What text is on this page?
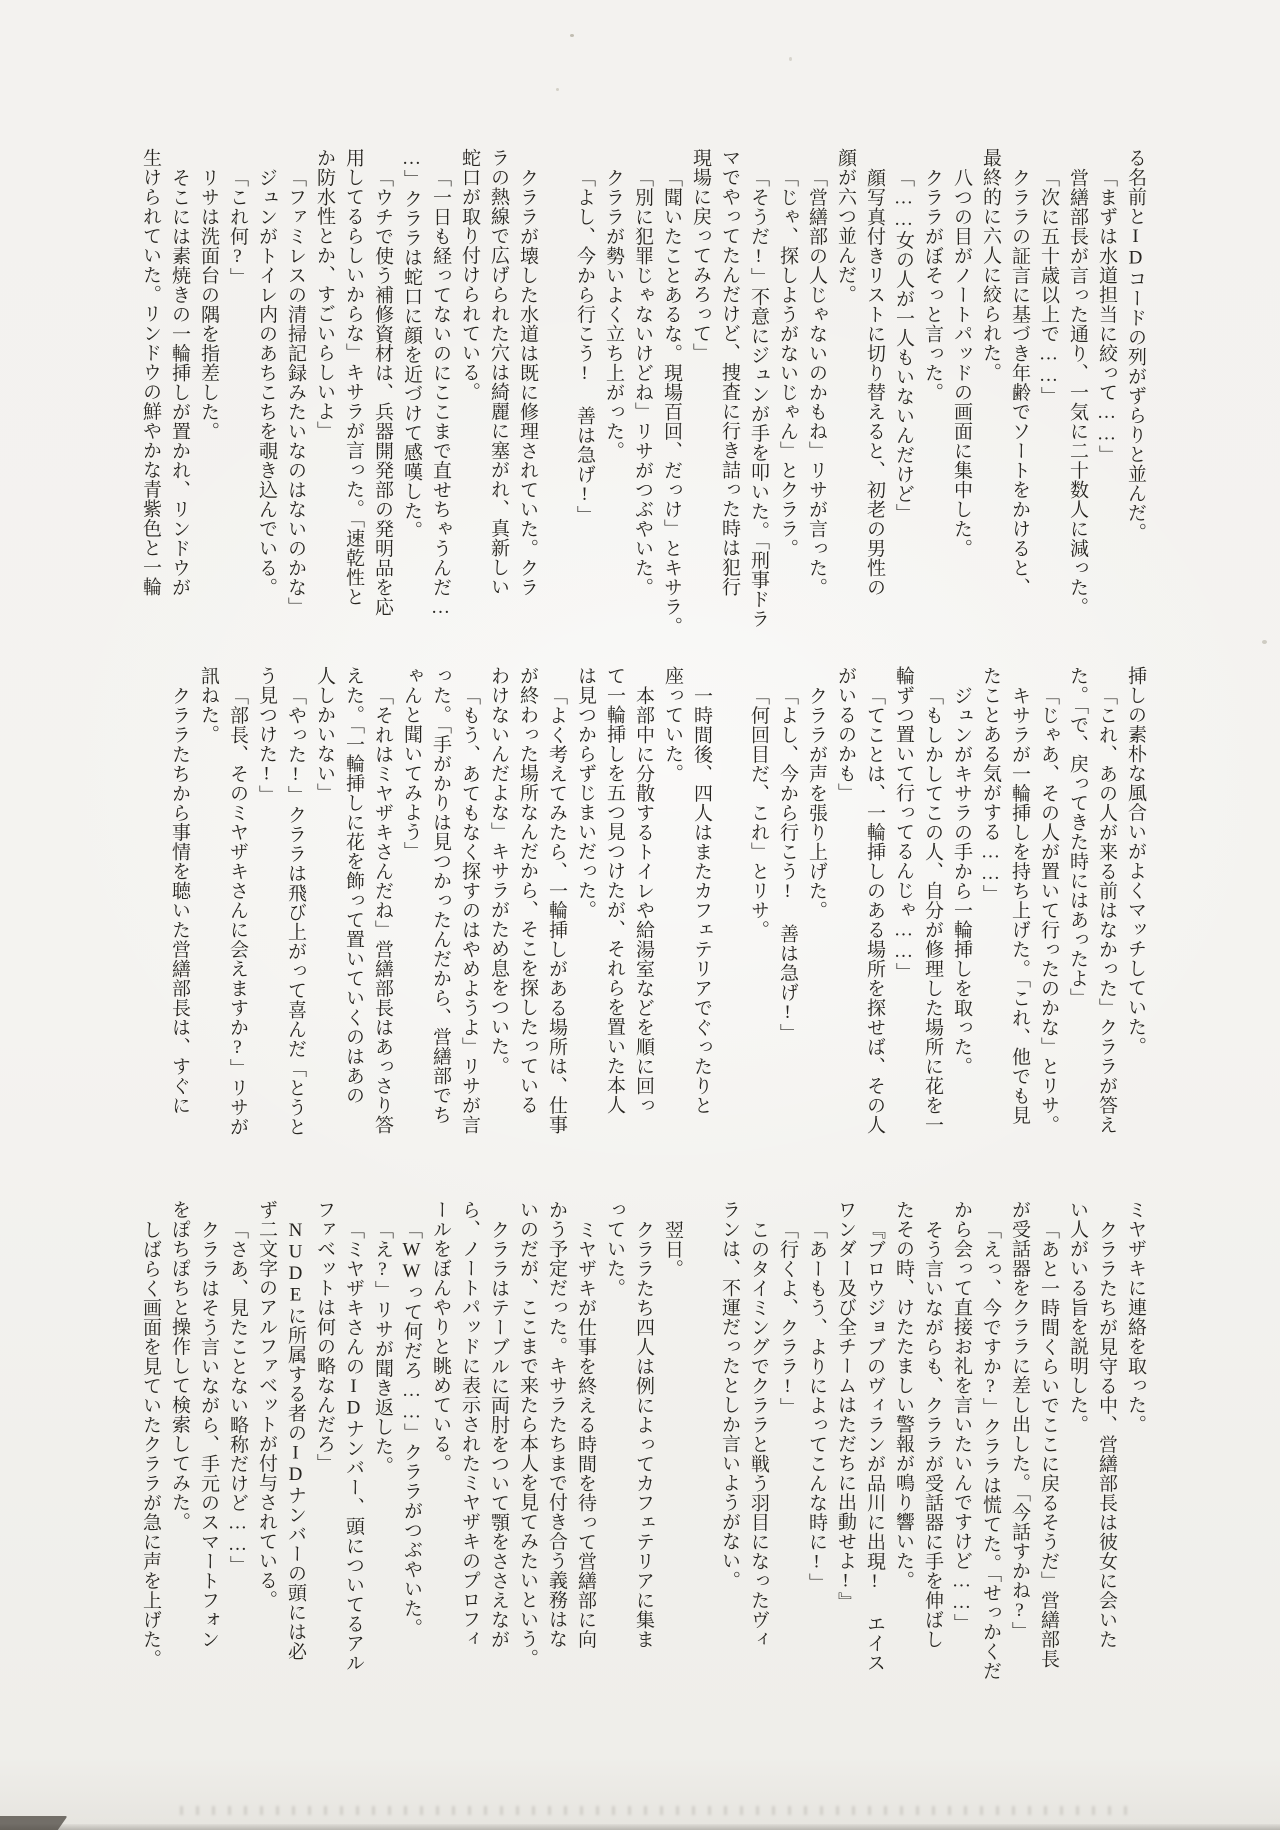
る名前とIDコードの列がずらりと並んだ。
「まずは水道担当に絞って……」
営繕部長が言った通り、一気に二十数人に減った。
「次に五十歳以上で……」
クララの証言に基づき年齢でソートをかけると、
最終的に六人に絞られた。
八つの目がノートパッドの画面に集中した。
クララがぼそっと言った。
「……女の人が一人もいないんだけど」
顔写真付きリストに切り替えると、初老の男性の
顔が六つ並んだ。
「営繕部の人じゃないのかもね」リサが言った。
「じゃ、探しようがないじゃん」とクララ。
「そうだ!」不意にジュンが手を叩いた。「刑事ドラ
マでやってたんだけど、捜査に行き詰った時は犯行
現場に戻ってみろって」
「聞いたことあるな。現場百回、だっけ」とキサラ。
「別に犯罪じゃないけどね」リサがつぶやいた。
クララが勢いよく立ち上がった。
「よし、今から行こう! 善は急げ!」
クララが壊した水道は既に修理されていた。クラ
ラの熱線で広げられた穴は綺麗に塞がれ、真新しい
蛇口が取り付けられている。
「一日も経ってないのにここまで直せちゃうんだ…
…」クララは蛇口に顔を近づけて感嘆した。
「ウチで使う補修資材は、兵器開発部の発明品を応
用してるらしいからな」キサラが言った。「速乾性と
か防水性とか、すごいらしいよ」
「ファミレスの清掃記録みたいなのはないのかな」
ジュンがトイレ内のあちこちを覗き込んでいる。
「これ何?」
リサは洗面台の隅を指差した。
そこには素焼きの一輪挿しが置かれ、リンドウが
生けられていた。リンドウの鮮やかな青紫色と一輪
挿しの素朴な風合いがよくマッチしていた。
「これ、あの人が来る前はなかった」クララが答え
た。「で、戻ってきた時にはあったよ」
「じゃあ、その人が置いて行ったのかな」とリサ。
キサラが一輪挿しを持ち上げた。「これ、他でも見
たことある気がする……」
ジュンがキサラの手から一輪挿しを取った。
「もしかしてこの人、自分が修理した場所に花を一
輪ずつ置いて行ってるんじゃ……」
「てことは、一輪挿しのある場所を探せば、その人
がいるのかも」
クララが声を張り上げた。
「よし、今から行こう! 善は急げ!」
「何回目だ、これ」とリサ。
一時間後、四人はまたカフェテリアでぐったりと
座っていた。
本部中に分散するトイレや給湯室などを順に回っ
て一輪挿しを五つ見つけたが、それらを置いた本人
は見つからずじまいだった。
「よく考えてみたら、一輪挿しがある場所は、仕事
が終わった場所なんだから、そこを探したっている
わけないんだよな」キサラがため息をついた。
「もう、あてもなく探すのはやめようよ」リサが言
った。「手がかりは見つかったんだから、営繕部でち
ゃんと聞いてみよう」
「それはミヤザキさんだね」営繕部長はあっさり答
えた。「一輪挿しに花を飾って置いていくのはあの
人しかいない」
「やった!」クララは飛び上がって喜んだ「とうと
う見つけた!」
「部長、そのミヤザキさんに会えますか?」リサが
訊ねた。
クララたちから事情を聴いた営繕部長は、すぐに
ミヤザキに連絡を取った。
クララたちが見守る中、営繕部長は彼女に会いた
い人がいる旨を説明した。
「あと一時間くらいでここに戻るそうだ」営繕部長
が受話器をクララに差し出した。「今話すかね?」
「えっ、今ですか?」クララは慌てた。「せっかくだ
から会って直接お礼を言いたいんですけど……」
そう言いながらも、クララが受話器に手を伸ばし
たその時、けたたましい警報が鳴り響いた。
『ブロウジョブのヴィランが品川に出現! エイス
ワンダー及び全チームはただちに出動せよ!』
「あーもう、よりによってこんな時に!」
「行くよ、クララ!」
このタイミングでクララと戦う羽目になったヴィ
ランは、不運だったとしか言いようがない。
翌日。
クララたち四人は例によってカフェテリアに集ま
っていた。
ミヤザキが仕事を終える時間を待って営繕部に向
かう予定だった。キサラたちまで付き合う義務はな
いのだが、ここまで来たら本人を見てみたいという。
クララはテーブルに両肘をついて顎をささえなが
ら、ノートパッドに表示されたミヤザキのプロフィ
ールをぼんやりと眺めている。
「WWって何だろ……」クララがつぶやいた。
「え?」リサが聞き返した。
「ミヤザキさんのIDナンバー、頭についてるアル
ファベットは何の略なんだろ」
NUDEに所属する者のIDナンバーの頭には必
ず二文字のアルファベットが付与されている。
「さあ、見たことない略称だけど……」
クララはそう言いながら、手元のスマートフォン
をぽちぽちと操作して検索してみた。
しばらく画面を見ていたクララが急に声を上げた。
